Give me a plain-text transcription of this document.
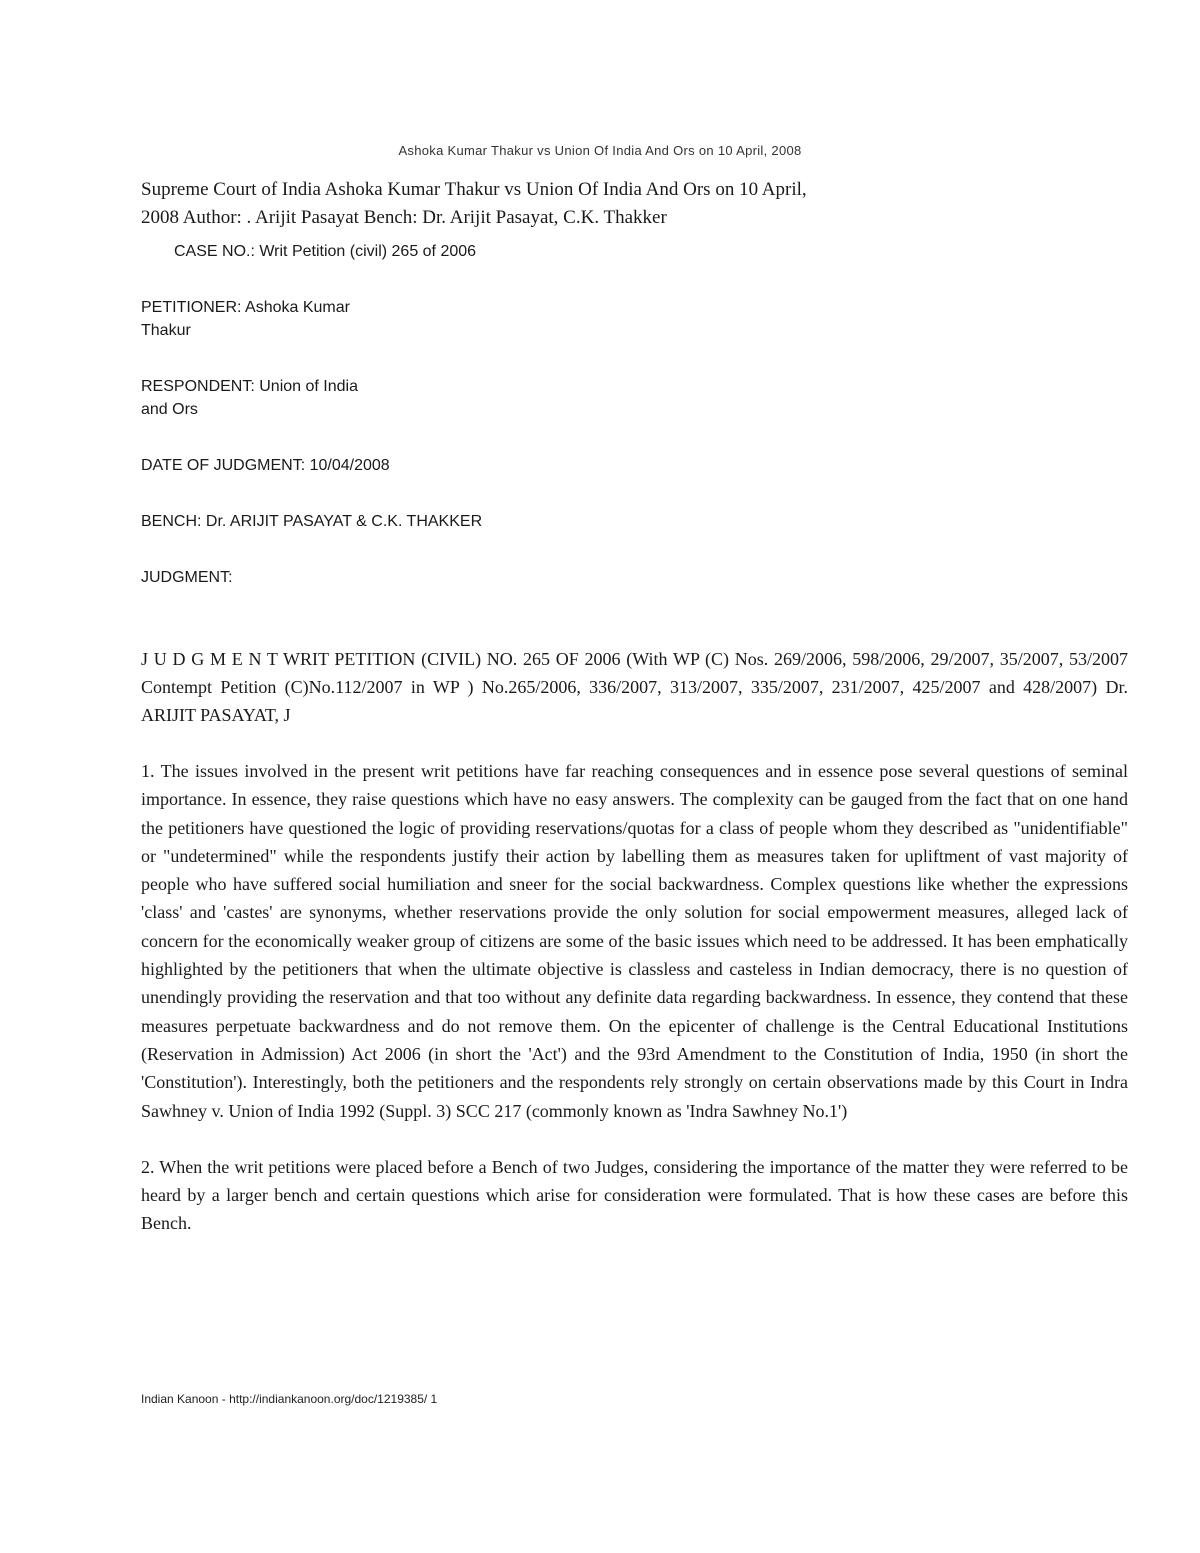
Ashoka Kumar Thakur vs Union Of India And Ors on 10 April, 2008
Supreme Court of India Ashoka Kumar Thakur vs Union Of India And Ors on 10 April, 2008 Author: . Arijit Pasayat Bench: Dr. Arijit Pasayat, C.K. Thakker

CASE NO.: Writ Petition (civil) 265 of 2006

PETITIONER: Ashoka Kumar Thakur

RESPONDENT: Union of India and Ors

DATE OF JUDGMENT: 10/04/2008

BENCH: Dr. ARIJIT PASAYAT & C.K. THAKKER

JUDGMENT:

J U D G M E N T WRIT PETITION (CIVIL) NO. 265 OF 2006 (With WP (C) Nos. 269/2006, 598/2006, 29/2007, 35/2007, 53/2007 Contempt Petition (C)No.112/2007 in WP ) No.265/2006, 336/2007, 313/2007, 335/2007, 231/2007, 425/2007 and 428/2007) Dr. ARIJIT PASAYAT, J
1. The issues involved in the present writ petitions have far reaching consequences and in essence pose several questions of seminal importance. In essence, they raise questions which have no easy answers. The complexity can be gauged from the fact that on one hand the petitioners have questioned the logic of providing reservations/quotas for a class of people whom they described as "unidentifiable" or "undetermined" while the respondents justify their action by labelling them as measures taken for upliftment of vast majority of people who have suffered social humiliation and sneer for the social backwardness. Complex questions like whether the expressions 'class' and 'castes' are synonyms, whether reservations provide the only solution for social empowerment measures, alleged lack of concern for the economically weaker group of citizens are some of the basic issues which need to be addressed. It has been emphatically highlighted by the petitioners that when the ultimate objective is classless and casteless in Indian democracy, there is no question of unendingly providing the reservation and that too without any definite data regarding backwardness. In essence, they contend that these measures perpetuate backwardness and do not remove them. On the epicenter of challenge is the Central Educational Institutions (Reservation in Admission) Act 2006 (in short the 'Act') and the 93rd Amendment to the Constitution of India, 1950 (in short the 'Constitution'). Interestingly, both the petitioners and the respondents rely strongly on certain observations made by this Court in Indra Sawhney v. Union of India 1992 (Suppl. 3) SCC 217 (commonly known as 'Indra Sawhney No.1')
2. When the writ petitions were placed before a Bench of two Judges, considering the importance of the matter they were referred to be heard by a larger bench and certain questions which arise for consideration were formulated. That is how these cases are before this Bench.
Indian Kanoon - http://indiankanoon.org/doc/1219385/ 1
